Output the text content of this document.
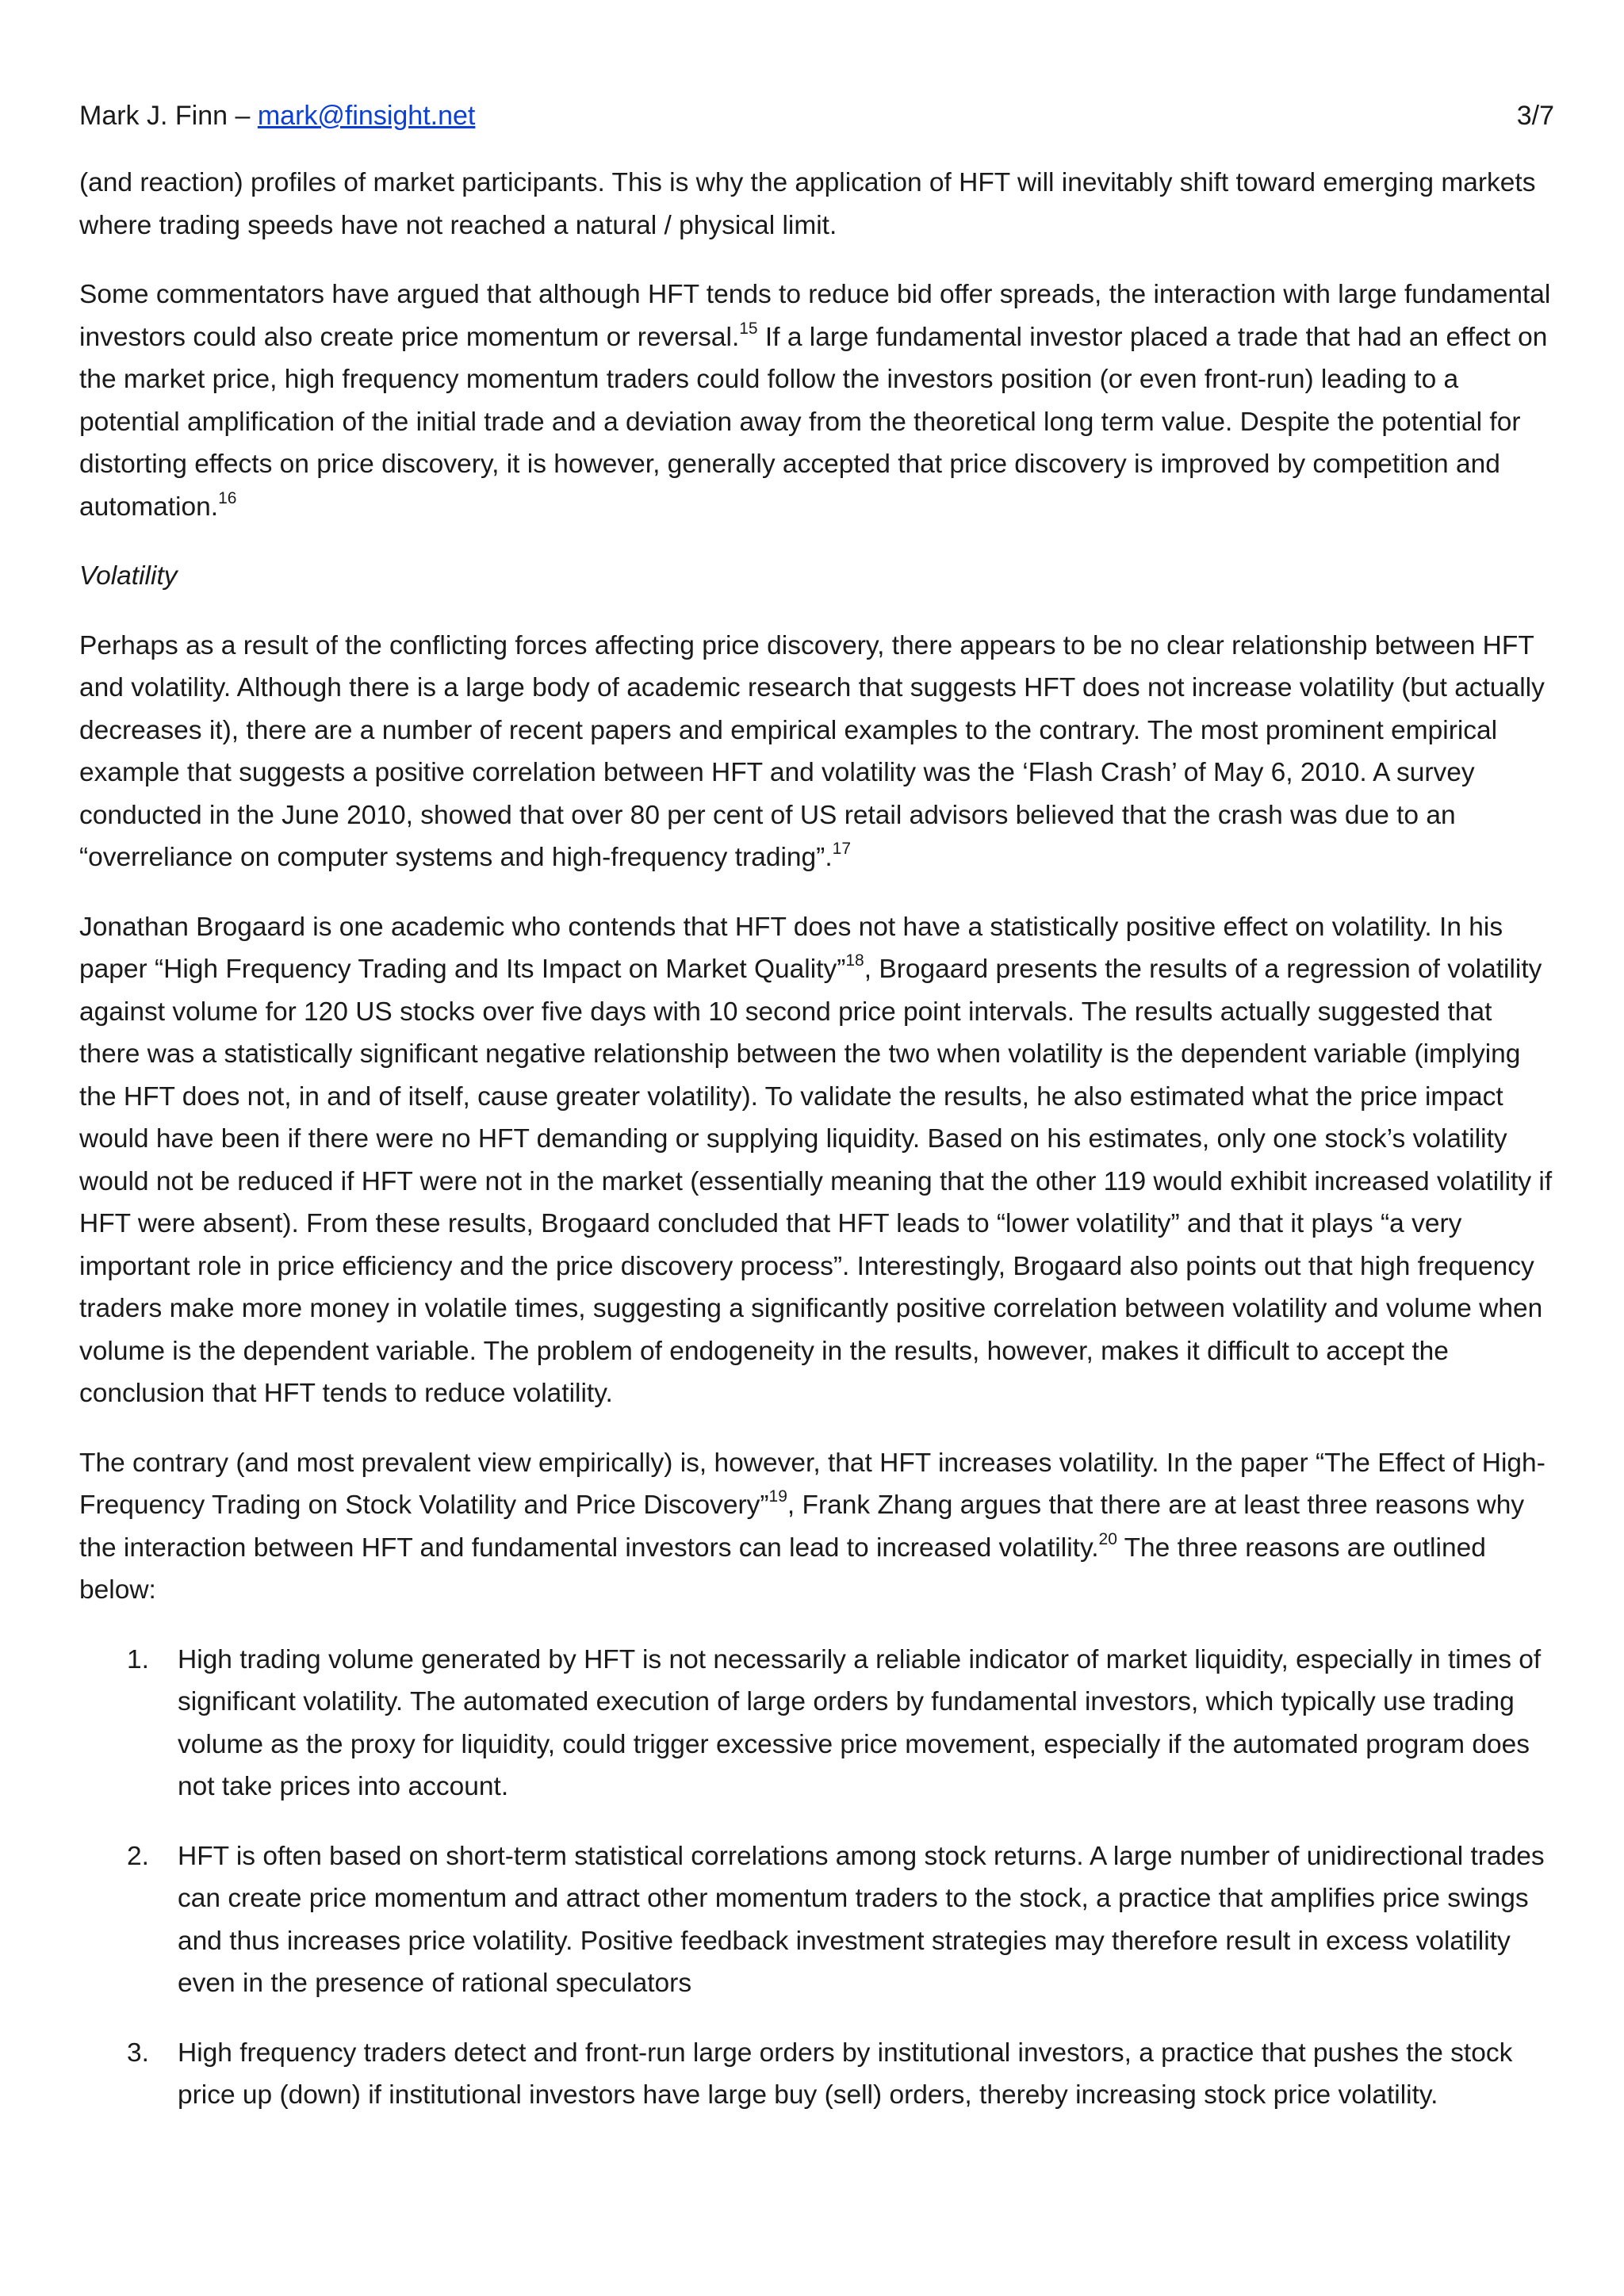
Mark J. Finn – mark@finsight.net	3/7

(and reaction) profiles of market participants. This is why the application of HFT will inevitably shift toward emerging markets where trading speeds have not reached a natural / physical limit.

Some commentators have argued that although HFT tends to reduce bid offer spreads, the interaction with large fundamental investors could also create price momentum or reversal.$^{15}$ If a large fundamental investor placed a trade that had an effect on the market price, high frequency momentum traders could follow the investors position (or even front-run) leading to a potential amplification of the initial trade and a deviation away from the theoretical long term value. Despite the potential for distorting effects on price discovery, it is however, generally accepted that price discovery is improved by competition and automation.$^{16}$

Volatility

Perhaps as a result of the conflicting forces affecting price discovery, there appears to be no clear relationship between HFT and volatility. Although there is a large body of academic research that suggests HFT does not increase volatility (but actually decreases it), there are a number of recent papers and empirical examples to the contrary. The most prominent empirical example that suggests a positive correlation between HFT and volatility was the ‘Flash Crash’ of May 6, 2010. A survey conducted in the June 2010, showed that over 80 per cent of US retail advisors believed that the crash was due to an “overreliance on computer systems and high-frequency trading”.$^{17}$

Jonathan Brogaard is one academic who contends that HFT does not have a statistically positive effect on volatility. In his paper “High Frequency Trading and Its Impact on Market Quality”$^{18}$, Brogaard presents the results of a regression of volatility against volume for 120 US stocks over five days with 10 second price point intervals. The results actually suggested that there was a statistically significant negative relationship between the two when volatility is the dependent variable (implying the HFT does not, in and of itself, cause greater volatility). To validate the results, he also estimated what the price impact would have been if there were no HFT demanding or supplying liquidity. Based on his estimates, only one stock’s volatility would not be reduced if HFT were not in the market (essentially meaning that the other 119 would exhibit increased volatility if HFT were absent). From these results, Brogaard concluded that HFT leads to “lower volatility” and that it plays “a very important role in price efficiency and the price discovery process”. Interestingly, Brogaard also points out that high frequency traders make more money in volatile times, suggesting a significantly positive correlation between volatility and volume when volume is the dependent variable. The problem of endogeneity in the results, however, makes it difficult to accept the conclusion that HFT tends to reduce volatility.

The contrary (and most prevalent view empirically) is, however, that HFT increases volatility. In the paper “The Effect of High-Frequency Trading on Stock Volatility and Price Discovery”$^{19}$, Frank Zhang argues that there are at least three reasons why the interaction between HFT and fundamental investors can lead to increased volatility.$^{20}$ The three reasons are outlined below:

1. High trading volume generated by HFT is not necessarily a reliable indicator of market liquidity, especially in times of significant volatility. The automated execution of large orders by fundamental investors, which typically use trading volume as the proxy for liquidity, could trigger excessive price movement, especially if the automated program does not take prices into account.
2. HFT is often based on short-term statistical correlations among stock returns. A large number of unidirectional trades can create price momentum and attract other momentum traders to the stock, a practice that amplifies price swings and thus increases price volatility. Positive feedback investment strategies may therefore result in excess volatility even in the presence of rational speculators
3. High frequency traders detect and front-run large orders by institutional investors, a practice that pushes the stock price up (down) if institutional investors have large buy (sell) orders, thereby increasing stock price volatility.
